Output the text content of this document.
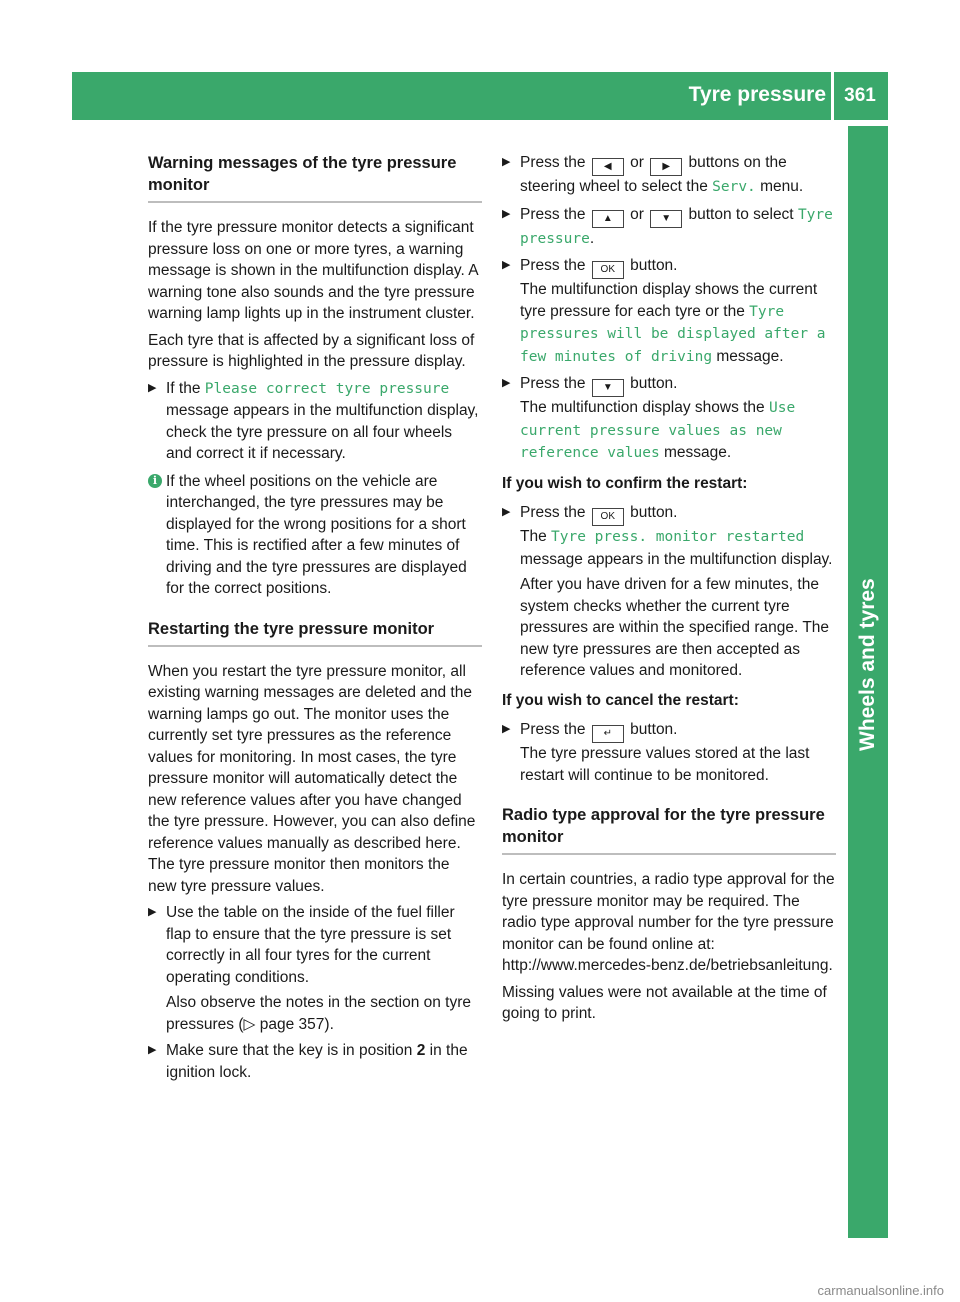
Tyre pressure 361
Wheels and tyres
Warning messages of the tyre pressure monitor

If the tyre pressure monitor detects a significant pressure loss on one or more tyres, a warning message is shown in the multifunction display. A warning tone also sounds and the tyre pressure warning lamp lights up in the instrument cluster.

Each tyre that is affected by a significant loss of pressure is highlighted in the pressure display.

▶ If the Please correct tyre pressure message appears in the multifunction display, check the tyre pressure on all four wheels and correct it if necessary.
i If the wheel positions on the vehicle are interchanged, the tyre pressures may be displayed for the wrong positions for a short time. This is rectified after a few minutes of driving and the tyre pressures are displayed for the correct positions.
Restarting the tyre pressure monitor

When you restart the tyre pressure monitor, all existing warning messages are deleted and the warning lamps go out. The monitor uses the currently set tyre pressures as the reference values for monitoring. In most cases, the tyre pressure monitor will automatically detect the new reference values after you have changed the tyre pressure. However, you can also define reference values manually as described here. The tyre pressure monitor then monitors the new tyre pressure values.

▶ Use the table on the inside of the fuel filler flap to ensure that the tyre pressure is set correctly in all four tyres for the current operating conditions.
Also observe the notes in the section on tyre pressures (▷ page 357).
▶ Make sure that the key is in position 2 in the ignition lock.
▶ Press the ◀ or ▶ buttons on the steering wheel to select the Serv. menu.
▶ Press the ▲ or ▼ button to select Tyre pressure.
▶ Press the OK button.
The multifunction display shows the current tyre pressure for each tyre or the Tyre pressures will be displayed after a few minutes of driving message.
▶ Press the ▼ button.
The multifunction display shows the Use current pressure values as new reference values message.
If you wish to confirm the restart:
▶ Press the OK button.
The Tyre press. monitor restarted message appears in the multifunction display.
After you have driven for a few minutes, the system checks whether the current tyre pressures are within the specified range. The new tyre pressures are then accepted as reference values and monitored.
If you wish to cancel the restart:
▶ Press the ↵ button.
The tyre pressure values stored at the last restart will continue to be monitored.
Radio type approval for the tyre pressure monitor

In certain countries, a radio type approval for the tyre pressure monitor may be required. The radio type approval number for the tyre pressure monitor can be found online at: http://www.mercedes-benz.de/betriebsanleitung.

Missing values were not available at the time of going to print.

carmanualsonline.info
